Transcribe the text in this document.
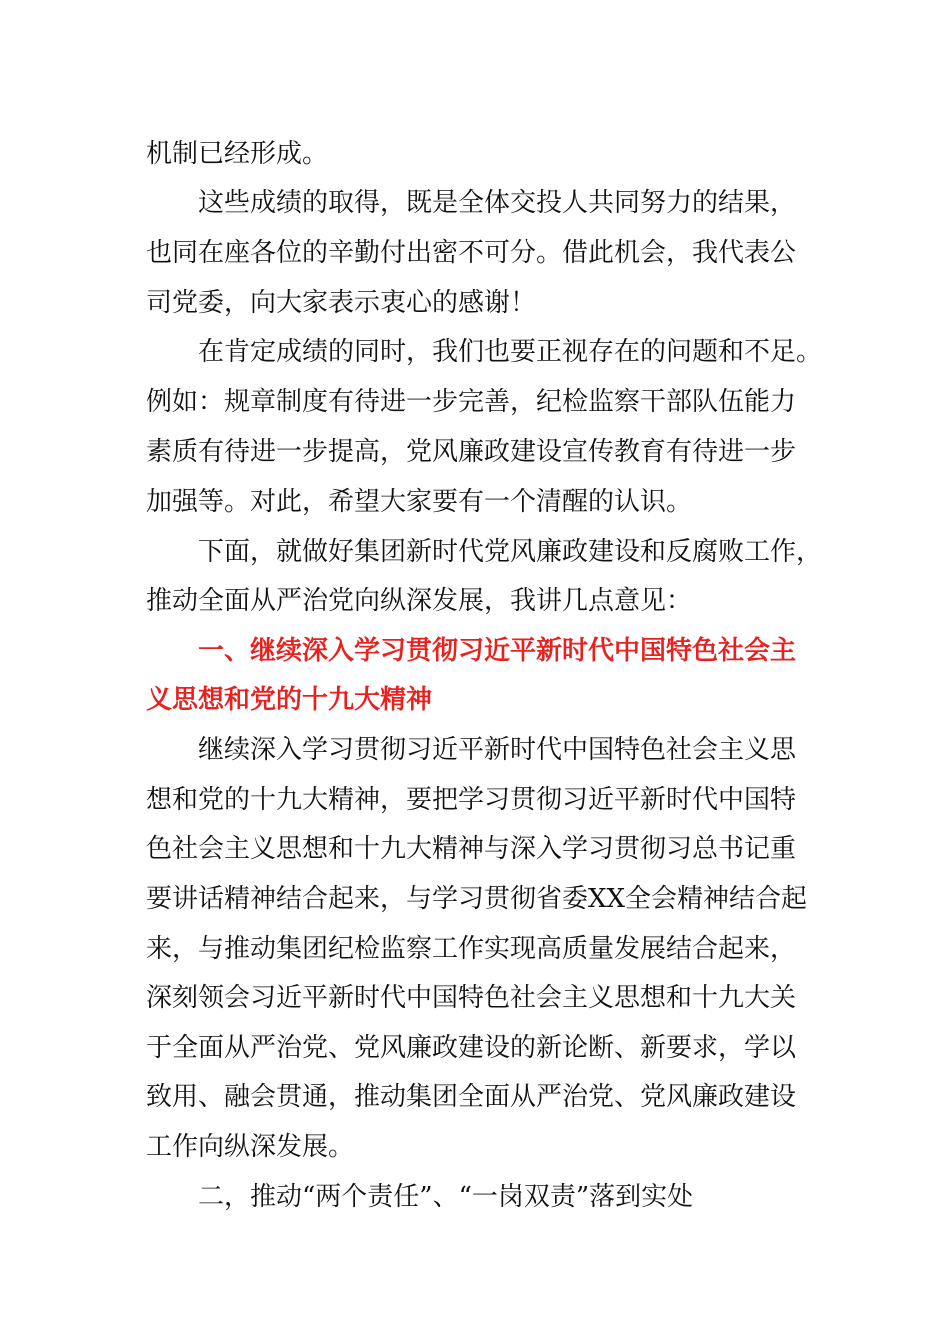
机制已经形成。
这些成绩的取得，既是全体交投人共同努力的结果，
也同在座各位的辛勤付出密不可分。借此机会，我代表公
司党委，向大家表示衷心的感谢！
在肯定成绩的同时，我们也要正视存在的问题和不足。
例如：规章制度有待进一步完善，纪检监察干部队伍能力
素质有待进一步提高，党风廉政建设宣传教育有待进一步
加强等。对此，希望大家要有一个清醒的认识。
下面，就做好集团新时代党风廉政建设和反腐败工作，
推动全面从严治党向纵深发展，我讲几点意见：
一、继续深入学习贯彻习近平新时代中国特色社会主
义思想和党的十九大精神
继续深入学习贯彻习近平新时代中国特色社会主义思
想和党的十九大精神，要把学习贯彻习近平新时代中国特
色社会主义思想和十九大精神与深入学习贯彻习总书记重
要讲话精神结合起来，与学习贯彻省委XX全会精神结合起
来，与推动集团纪检监察工作实现高质量发展结合起来，
深刻领会习近平新时代中国特色社会主义思想和十九大关
于全面从严治党、党风廉政建设的新论断、新要求，学以
致用、融会贯通，推动集团全面从严治党、党风廉政建设
工作向纵深发展。
二，推动“两个责任”、“一岗双责”落到实处
